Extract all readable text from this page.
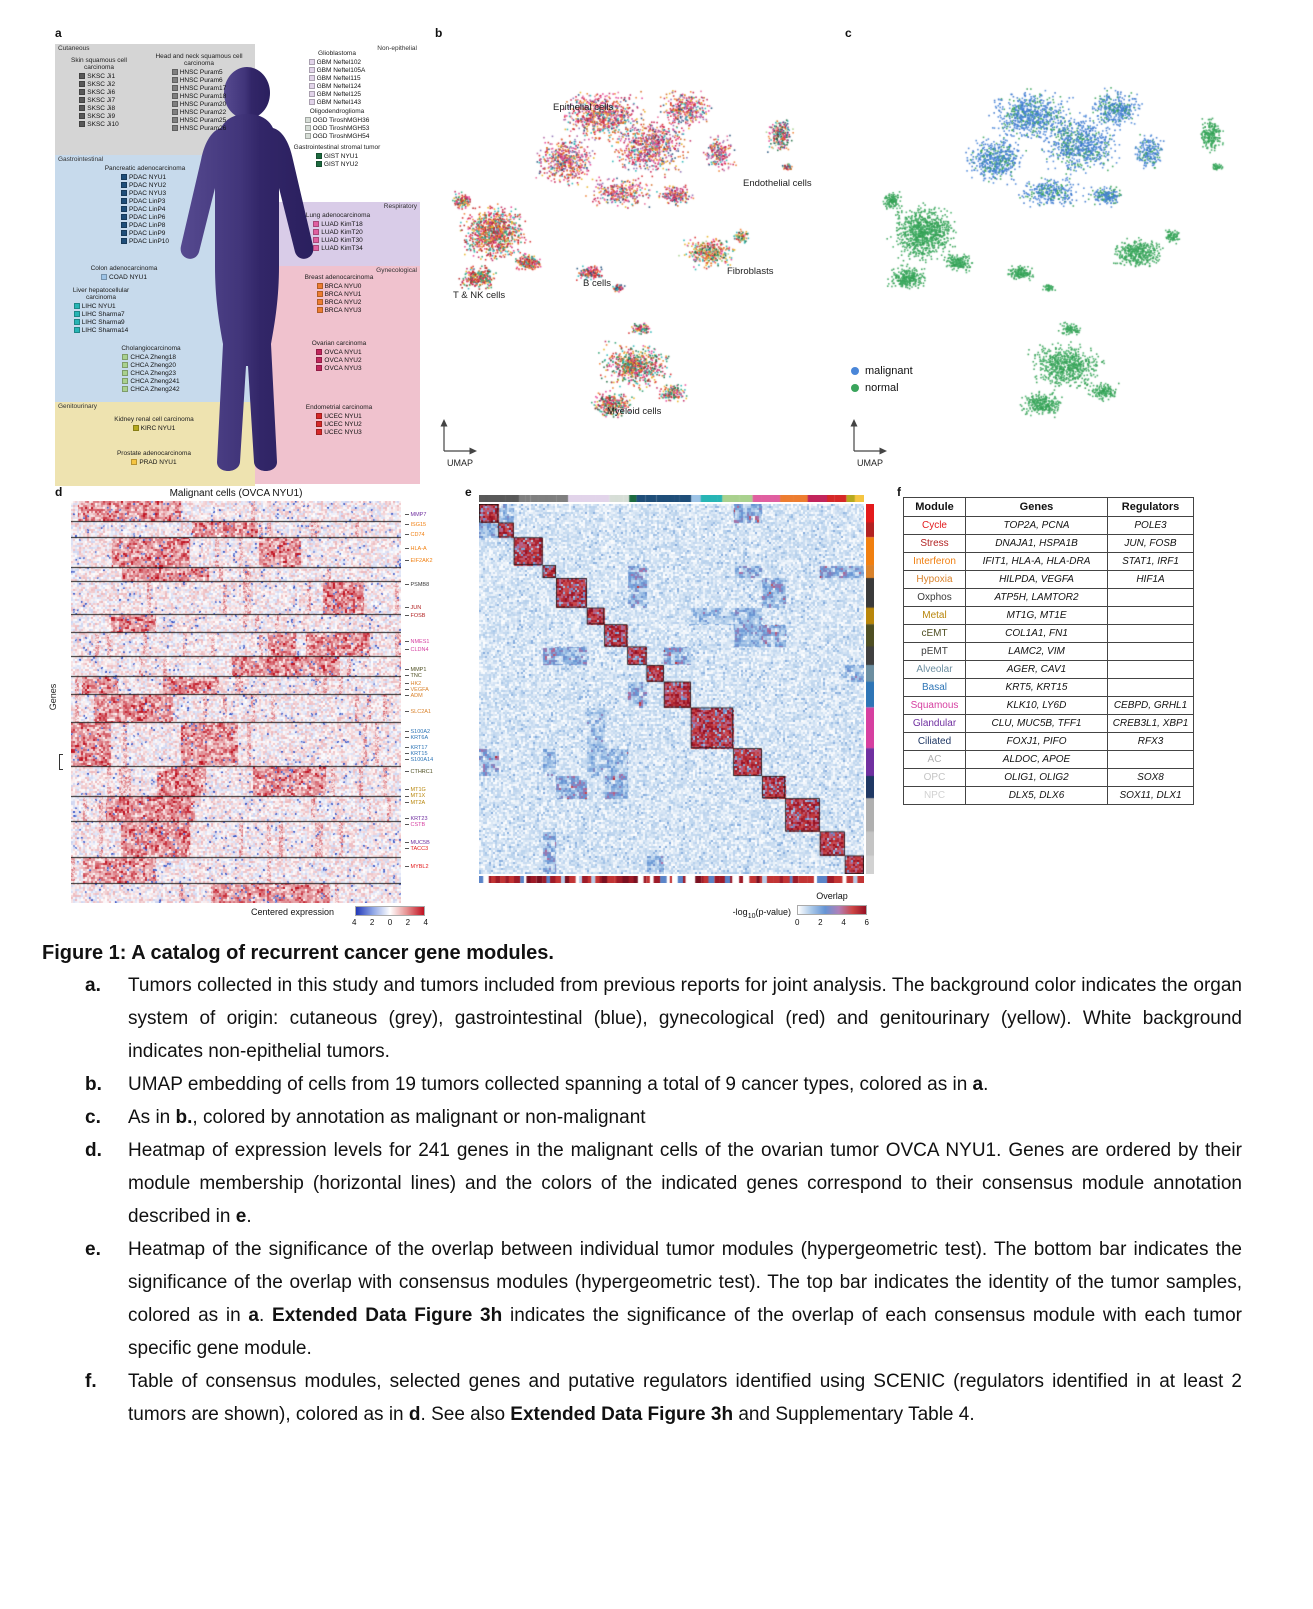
a
Cutaneous
Skin squamous cell carcinoma
SKSC Ji1
SKSC Ji2
SKSC Ji6
SKSC Ji7
SKSC Ji8
SKSC Ji9
SKSC Ji10
Head and neck squamous cell carcinoma
HNSC Puram5
HNSC Puram6
HNSC Puram17
HNSC Puram18
HNSC Puram20
HNSC Puram22
HNSC Puram25
HNSC Puram26
Gastrointestinal
Pancreatic adenocarcinoma
PDAC NYU1
PDAC NYU2
PDAC NYU3
PDAC LinP3
PDAC LinP4
PDAC LinP6
PDAC LinP8
PDAC LinP9
PDAC LinP10
Colon adenocarcinoma
COAD NYU1
Liver hepatocellular carcinoma
LIHC NYU1
LIHC Sharma7
LIHC Sharma9
LIHC Sharma14
Cholangiocarcinoma
CHCA Zheng18
CHCA Zheng20
CHCA Zheng23
CHCA Zheng241
CHCA Zheng242
Genitourinary
Kidney renal cell carcinoma
KIRC NYU1
Prostate adenocarcinoma
PRAD NYU1
Non-epithelial
Glioblastoma
GBM Neftel102
GBM Neftel105A
GBM Neftel115
GBM Neftel124
GBM Neftel125
GBM Neftel143
Oligodendroglioma
OGD TiroshMGH36
OGD TiroshMGH53
OGD TiroshMGH54
Gastrointestinal stromal tumor
GIST NYU1
GIST NYU2
Respiratory
Lung adenocarcinoma
LUAD KimT18
LUAD KimT20
LUAD KimT30
LUAD KimT34
Gynecological
Breast adenocarcinoma
BRCA NYU0
BRCA NYU1
BRCA NYU2
BRCA NYU3
Ovarian carcinoma
OVCA NYU1
OVCA NYU2
OVCA NYU3
Endometrial carcinoma
UCEC NYU1
UCEC NYU2
UCEC NYU3
b
Epithelial cells
Endothelial cells
Fibroblasts
B cells
T & NK cells
Myeloid cells
UMAP
c
malignant
normal
UMAP
d	Malignant cells (OVCA NYU1)
Genes
MMP7
ISG15
CD74
HLA-A
EIF2AK2
PSMB8
JUN
FOSB
NMES1
CLDN4
MMP1
TNC
HK2
VEGFA
ADM
SLC2A1
S100A2
KRT6A
KRT17
KRT15
S100A14
CTHRC1
MT1G
MT1X
MT2A
KRT23
CSTB
MUC5B
TACC3
MYBL2
Centered expression
4 2 0 2 4
e
Overlap
$-\log_{10}(p-value)$
0 2 4 6
f
Module	Genes	Regulators
Cycle	TOP2A, PCNA	POLE3
Stress	DNAJA1, HSPA1B	JUN, FOSB
Interferon	IFIT1, HLA-A, HLA-DRA	STAT1, IRF1
Hypoxia	HILPDA, VEGFA	HIF1A
Oxphos	ATP5H, LAMTOR2	
Metal	MT1G, MT1E	
cEMT	COL1A1, FN1	
pEMT	LAMC2, VIM	
Alveolar	AGER, CAV1	
Basal	KRT5, KRT15	
Squamous	KLK10, LY6D	CEBPD, GRHL1
Glandular	CLU, MUC5B, TFF1	CREB3L1, XBP1
Ciliated	FOXJ1, PIFO	RFX3
AC	ALDOC, APOE	
OPC	OLIG1, OLIG2	SOX8
NPC	DLX5, DLX6	SOX11, DLX1
Figure 1: A catalog of recurrent cancer gene modules.
a.	Tumors collected in this study and tumors included from previous reports for joint analysis. The background color indicates the organ system of origin: cutaneous (grey), gastrointestinal (blue), gynecological (red) and genitourinary (yellow). White background indicates non-epithelial tumors.
b.	UMAP embedding of cells from 19 tumors collected spanning a total of 9 cancer types, colored as in a.
c.	As in b., colored by annotation as malignant or non-malignant
d.	Heatmap of expression levels for 241 genes in the malignant cells of the ovarian tumor OVCA NYU1. Genes are ordered by their module membership (horizontal lines) and the colors of the indicated genes correspond to their consensus module annotation described in e.
e.	Heatmap of the significance of the overlap between individual tumor modules (hypergeometric test). The bottom bar indicates the significance of the overlap with consensus modules (hypergeometric test). The top bar indicates the identity of the tumor samples, colored as in a. Extended Data Figure 3h indicates the significance of the overlap of each consensus module with each tumor specific gene module.
f.	Table of consensus modules, selected genes and putative regulators identified using SCENIC (regulators identified in at least 2 tumors are shown), colored as in d. See also Extended Data Figure 3h and Supplementary Table 4.
